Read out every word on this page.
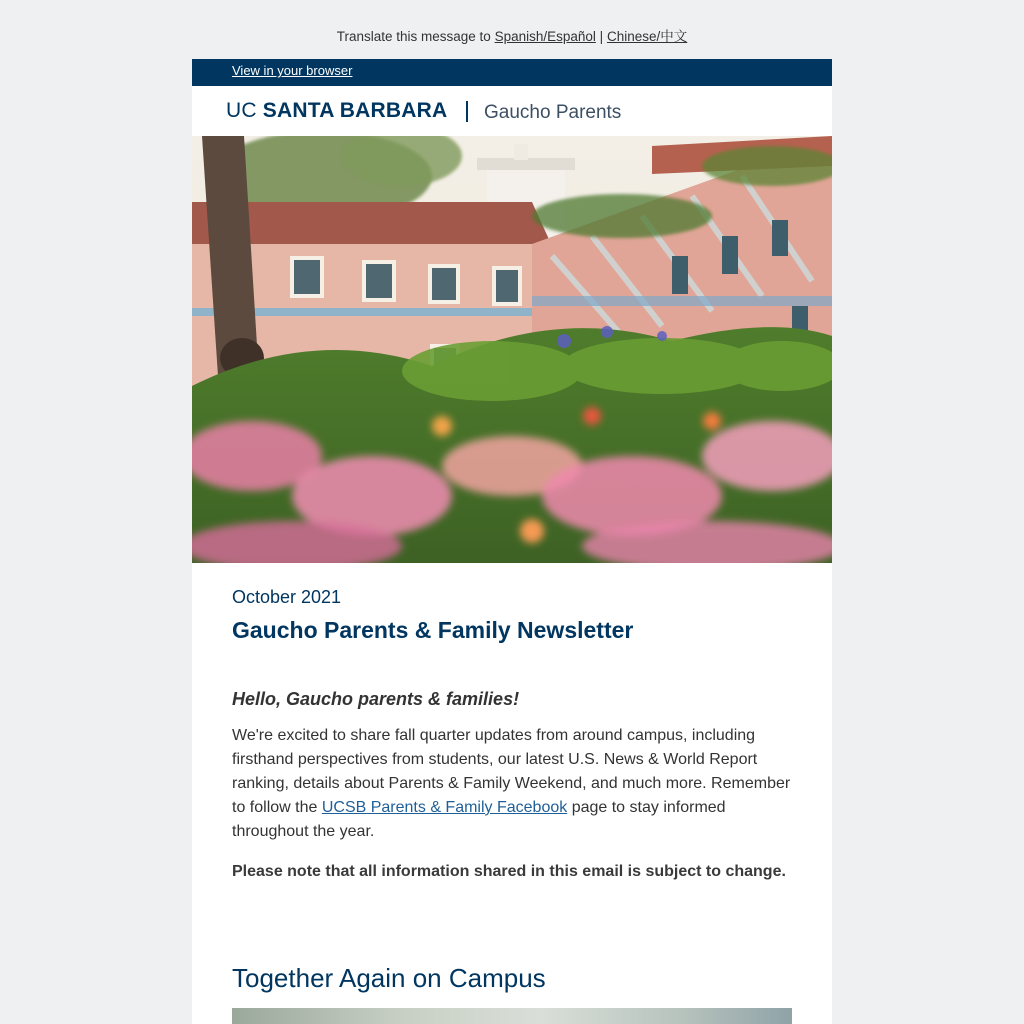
Translate this message to Spanish/Español | Chinese/中文
View in your browser
UC SANTA BARBARA Gaucho Parents
October 2021
Gaucho Parents & Family Newsletter
Hello, Gaucho parents & families!
We're excited to share fall quarter updates from around campus, including firsthand perspectives from students, our latest U.S. News & World Report ranking, details about Parents & Family Weekend, and much more. Remember to follow the UCSB Parents & Family Facebook page to stay informed throughout the year.
Please note that all information shared in this email is subject to change.
Together Again on Campus
